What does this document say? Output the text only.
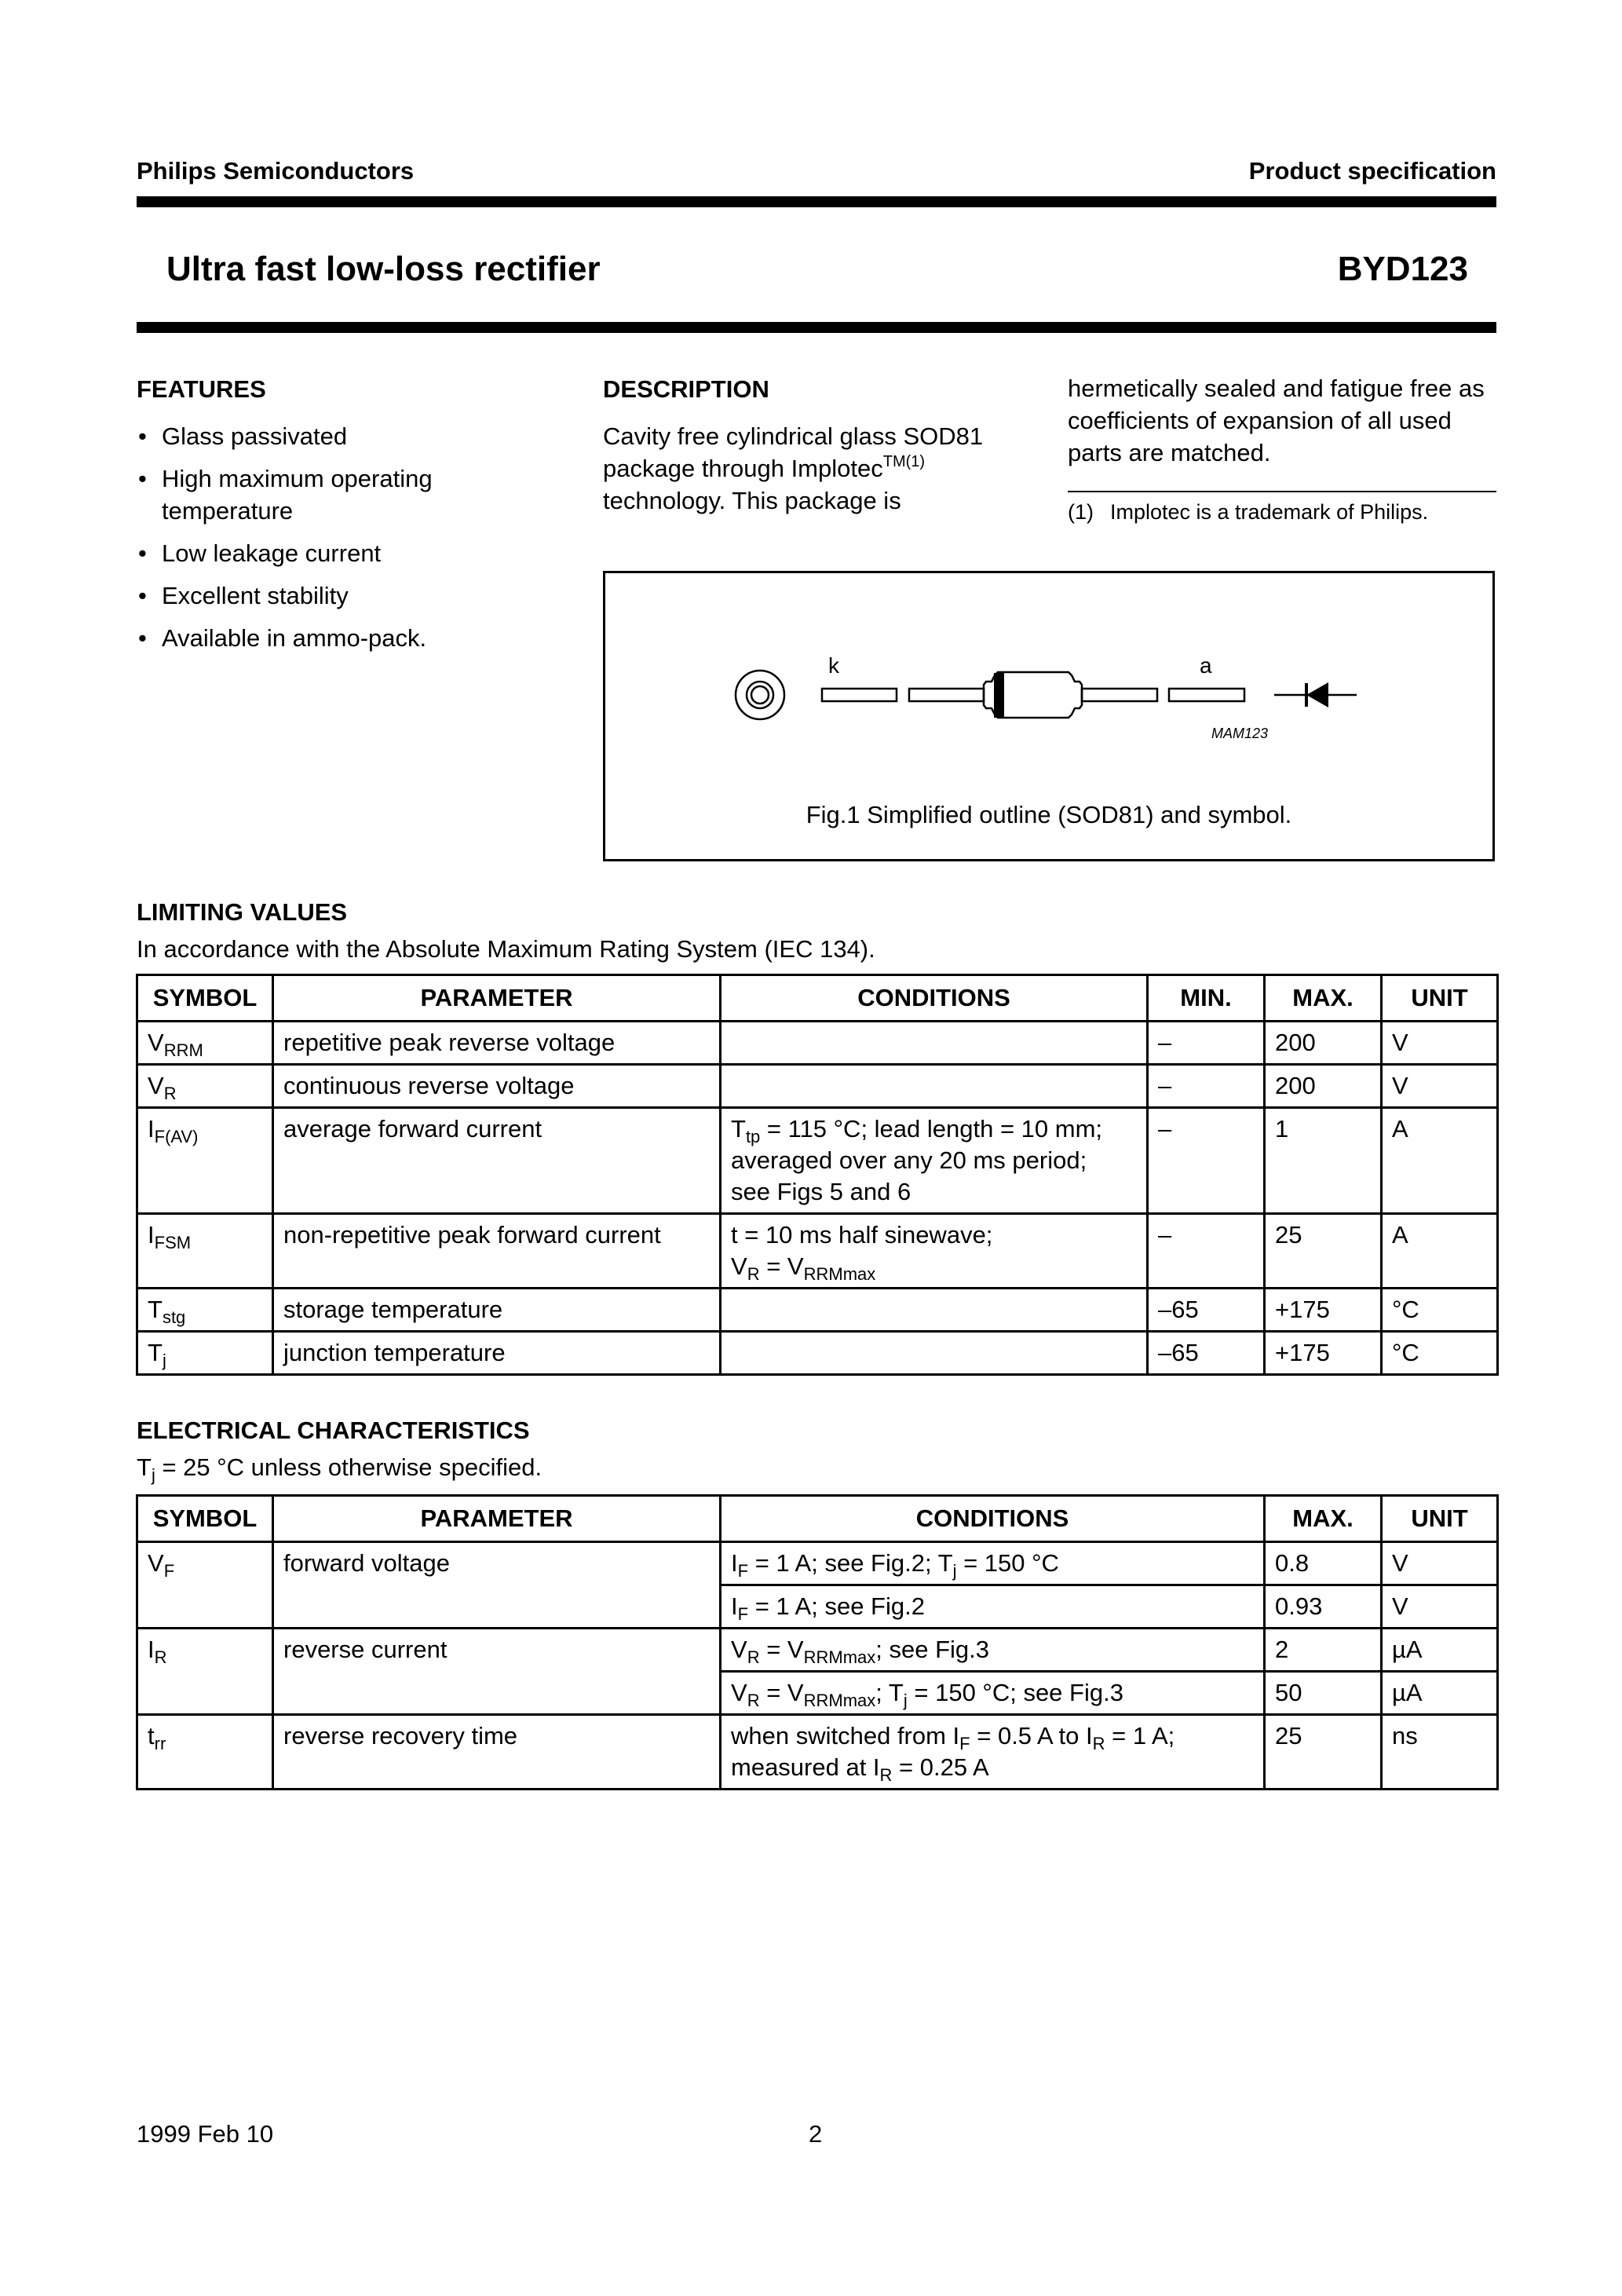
Philips Semiconductors	Product specification
Ultra fast low-loss rectifier	BYD123
FEATURES
• Glass passivated
• High maximum operating temperature
• Low leakage current
• Excellent stability
• Available in ammo-pack.
DESCRIPTION
Cavity free cylindrical glass SOD81
package through Implotec$^{TM(1)}$
technology. This package is
hermetically sealed and fatigue free as coefficients of expansion of all used parts are matched.
(1)  Implotec is a trademark of Philips.
k	a
MAM123
Fig.1 Simplified outline (SOD81) and symbol.
LIMITING VALUES
In accordance with the Absolute Maximum Rating System (IEC 134).
SYMBOL	PARAMETER	CONDITIONS	MIN.	MAX.	UNIT
$V_{RRM}$	repetitive peak reverse voltage		–	200	V
$V_R$	continuous reverse voltage		–	200	V
$I_{F(AV)}$	average forward current	$T_{tp} = 115$ °C; lead length = 10 mm;
averaged over any 20 ms period;
see Figs 5 and 6	–	1	A
$I_{FSM}$	non-repetitive peak forward current	t = 10 ms half sinewave;
$V_R = V_{RRMmax}$	–	25	A
$T_{stg}$	storage temperature		–65	+175	°C
$T_j$	junction temperature		–65	+175	°C
ELECTRICAL CHARACTERISTICS
$T_j = 25$ °C unless otherwise specified.
SYMBOL	PARAMETER	CONDITIONS	MAX.	UNIT
$V_F$	forward voltage	$I_F = 1$ A; see Fig.2; $T_j = 150$ °C	0.8	V
		$I_F = 1$ A; see Fig.2	0.93	V
$I_R$	reverse current	$V_R = V_{RRMmax}$; see Fig.3	2	µA
		$V_R = V_{RRMmax}$; $T_j = 150$ °C; see Fig.3	50	µA
$t_{rr}$	reverse recovery time	when switched from $I_F = 0.5$ A to $I_R = 1$ A;
measured at $I_R = 0.25$ A	25	ns
1999 Feb 10	2
